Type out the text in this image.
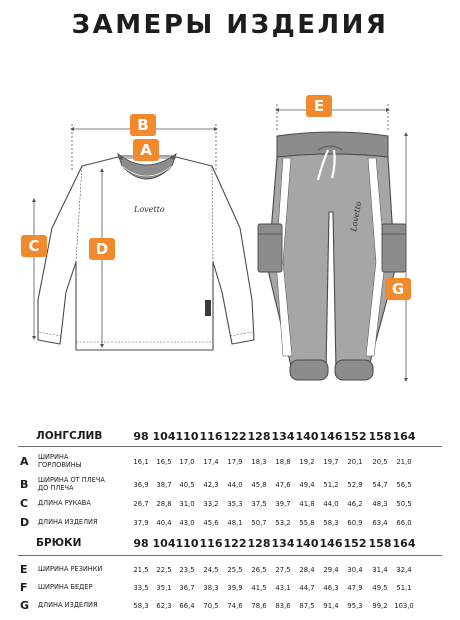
ЗАМЕРЫ ИЗДЕЛИЯ
Lovetto	Lovetto
B
A
C	D
E
G
ЛОНГСЛИВ	98 104 110 116 122 128 134 140 146 152 158 164
A ШИРИНА
ГОРЛОВИНЫ	16,1	16,5	17,0	17,4	17,9	18,3	18,8	19,2	19,7	20,1	20,5	21,0
B ШИРИНА ОТ ПЛЕЧА
ДО ПЛЕЧА	36,9	38,7	40,5	42,3	44,0	45,8	47,6	49,4	51,2	52,9	54,7	56,5
C ДЛИНА РУКАВА	26,7	28,8	31,0	33,2	35,3	37,5	39,7	41,8	44,0	46,2	48,3	50,5
D ДЛИНА ИЗДЕЛИЯ	37,9	40,4	43,0	45,6	48,1	50,7	53,2	55,8	58,3	60,9	63,4	66,0
БРЮКИ	98 104 110 116 122 128 134 140 146 152 158 164
E ШИРИНА РЕЗИНКИ	21,5	22,5	23,5	24,5	25,5	26,5	27,5	28,4	29,4	30,4	31,4	32,4
F ШИРИНА БЕДЕР	33,5	35,1	36,7	38,3	39,9	41,5	43,1	44,7	46,3	47,9	49,5	51,1
G ДЛИНА ИЗДЕЛИЯ	58,3	62,3	66,4	70,5	74,6	78,6	83,6	87,5	91,4	95,3	99,2 103,0
